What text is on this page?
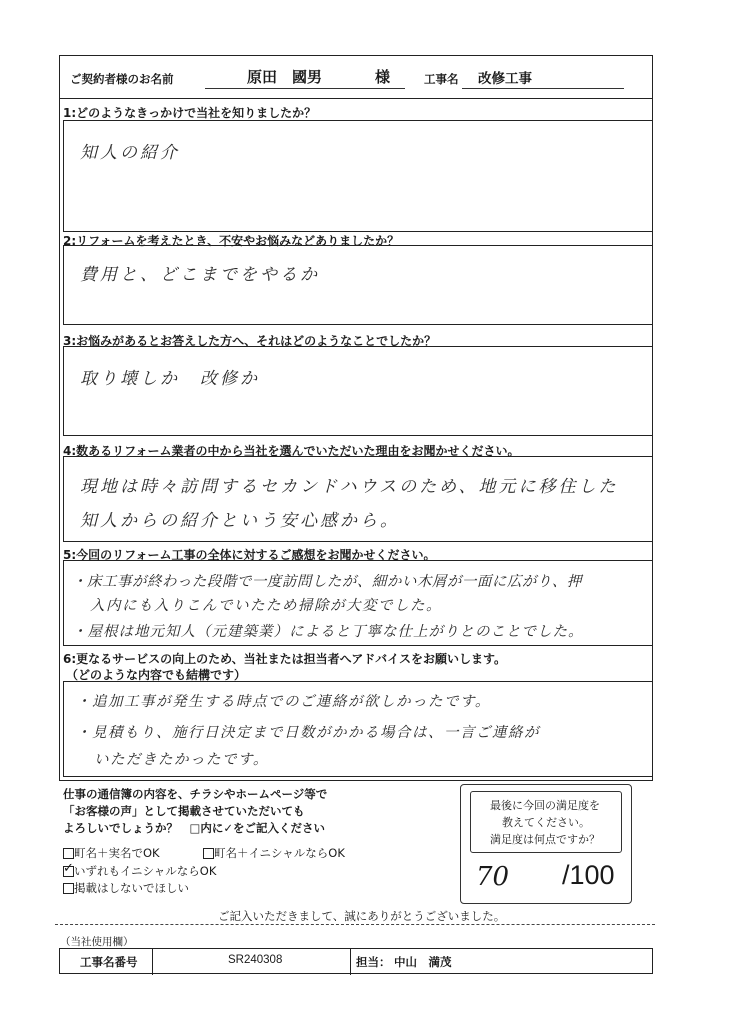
ご契約者様のお名前	原田　國男	様	工事名 改修工事
1:どのようなきっかけで当社を知りましたか？
知人の紹介
2:リフォームを考えたとき、不安やお悩みなどありましたか？
費用と、どこまでをやるか
3:お悩みがあるとお答えした方へ、それはどのようなことでしたか？
取り壊しか　改修か
4:数あるリフォーム業者の中から当社を選んでいただいた理由をお聞かせください。
現地は時々訪問するセカンドハウスのため、地元に移住した
知人からの紹介という安心感から。
5:今回のリフォーム工事の全体に対するご感想をお聞かせください。
・床工事が終わった段階で一度訪問したが、細かい木屑が一面に広がり、押
入内にも入りこんでいたため掃除が大変でした。
・屋根は地元知人（元建築業）によると丁寧な仕上がりとのことでした。
6:更なるサービスの向上のため、当社または担当者へアドバイスをお願いします。
（どのような内容でも結構です）
・追加工事が発生する時点でのご連絡が欲しかったです。
・見積もり、施行日決定まで日数がかかる場合は、一言ご連絡が
いただきたかったです。
仕事の通信簿の内容を、チラシやホームページ等で
「お客様の声」として掲載させていただいても
よろしいでしょうか？　□内に✓をご記入ください
町名＋実名でOK	町名＋イニシャルならOK
✓ いずれもイニシャルならOK
掲載はしないでほしい
最後に今回の満足度を
教えてください。
満足度は何点ですか？
70 /100
ご記入いただきまして、誠にありがとうございました。
（当社使用欄）
工事名番号	SR240308	担当： 中山　満茂
